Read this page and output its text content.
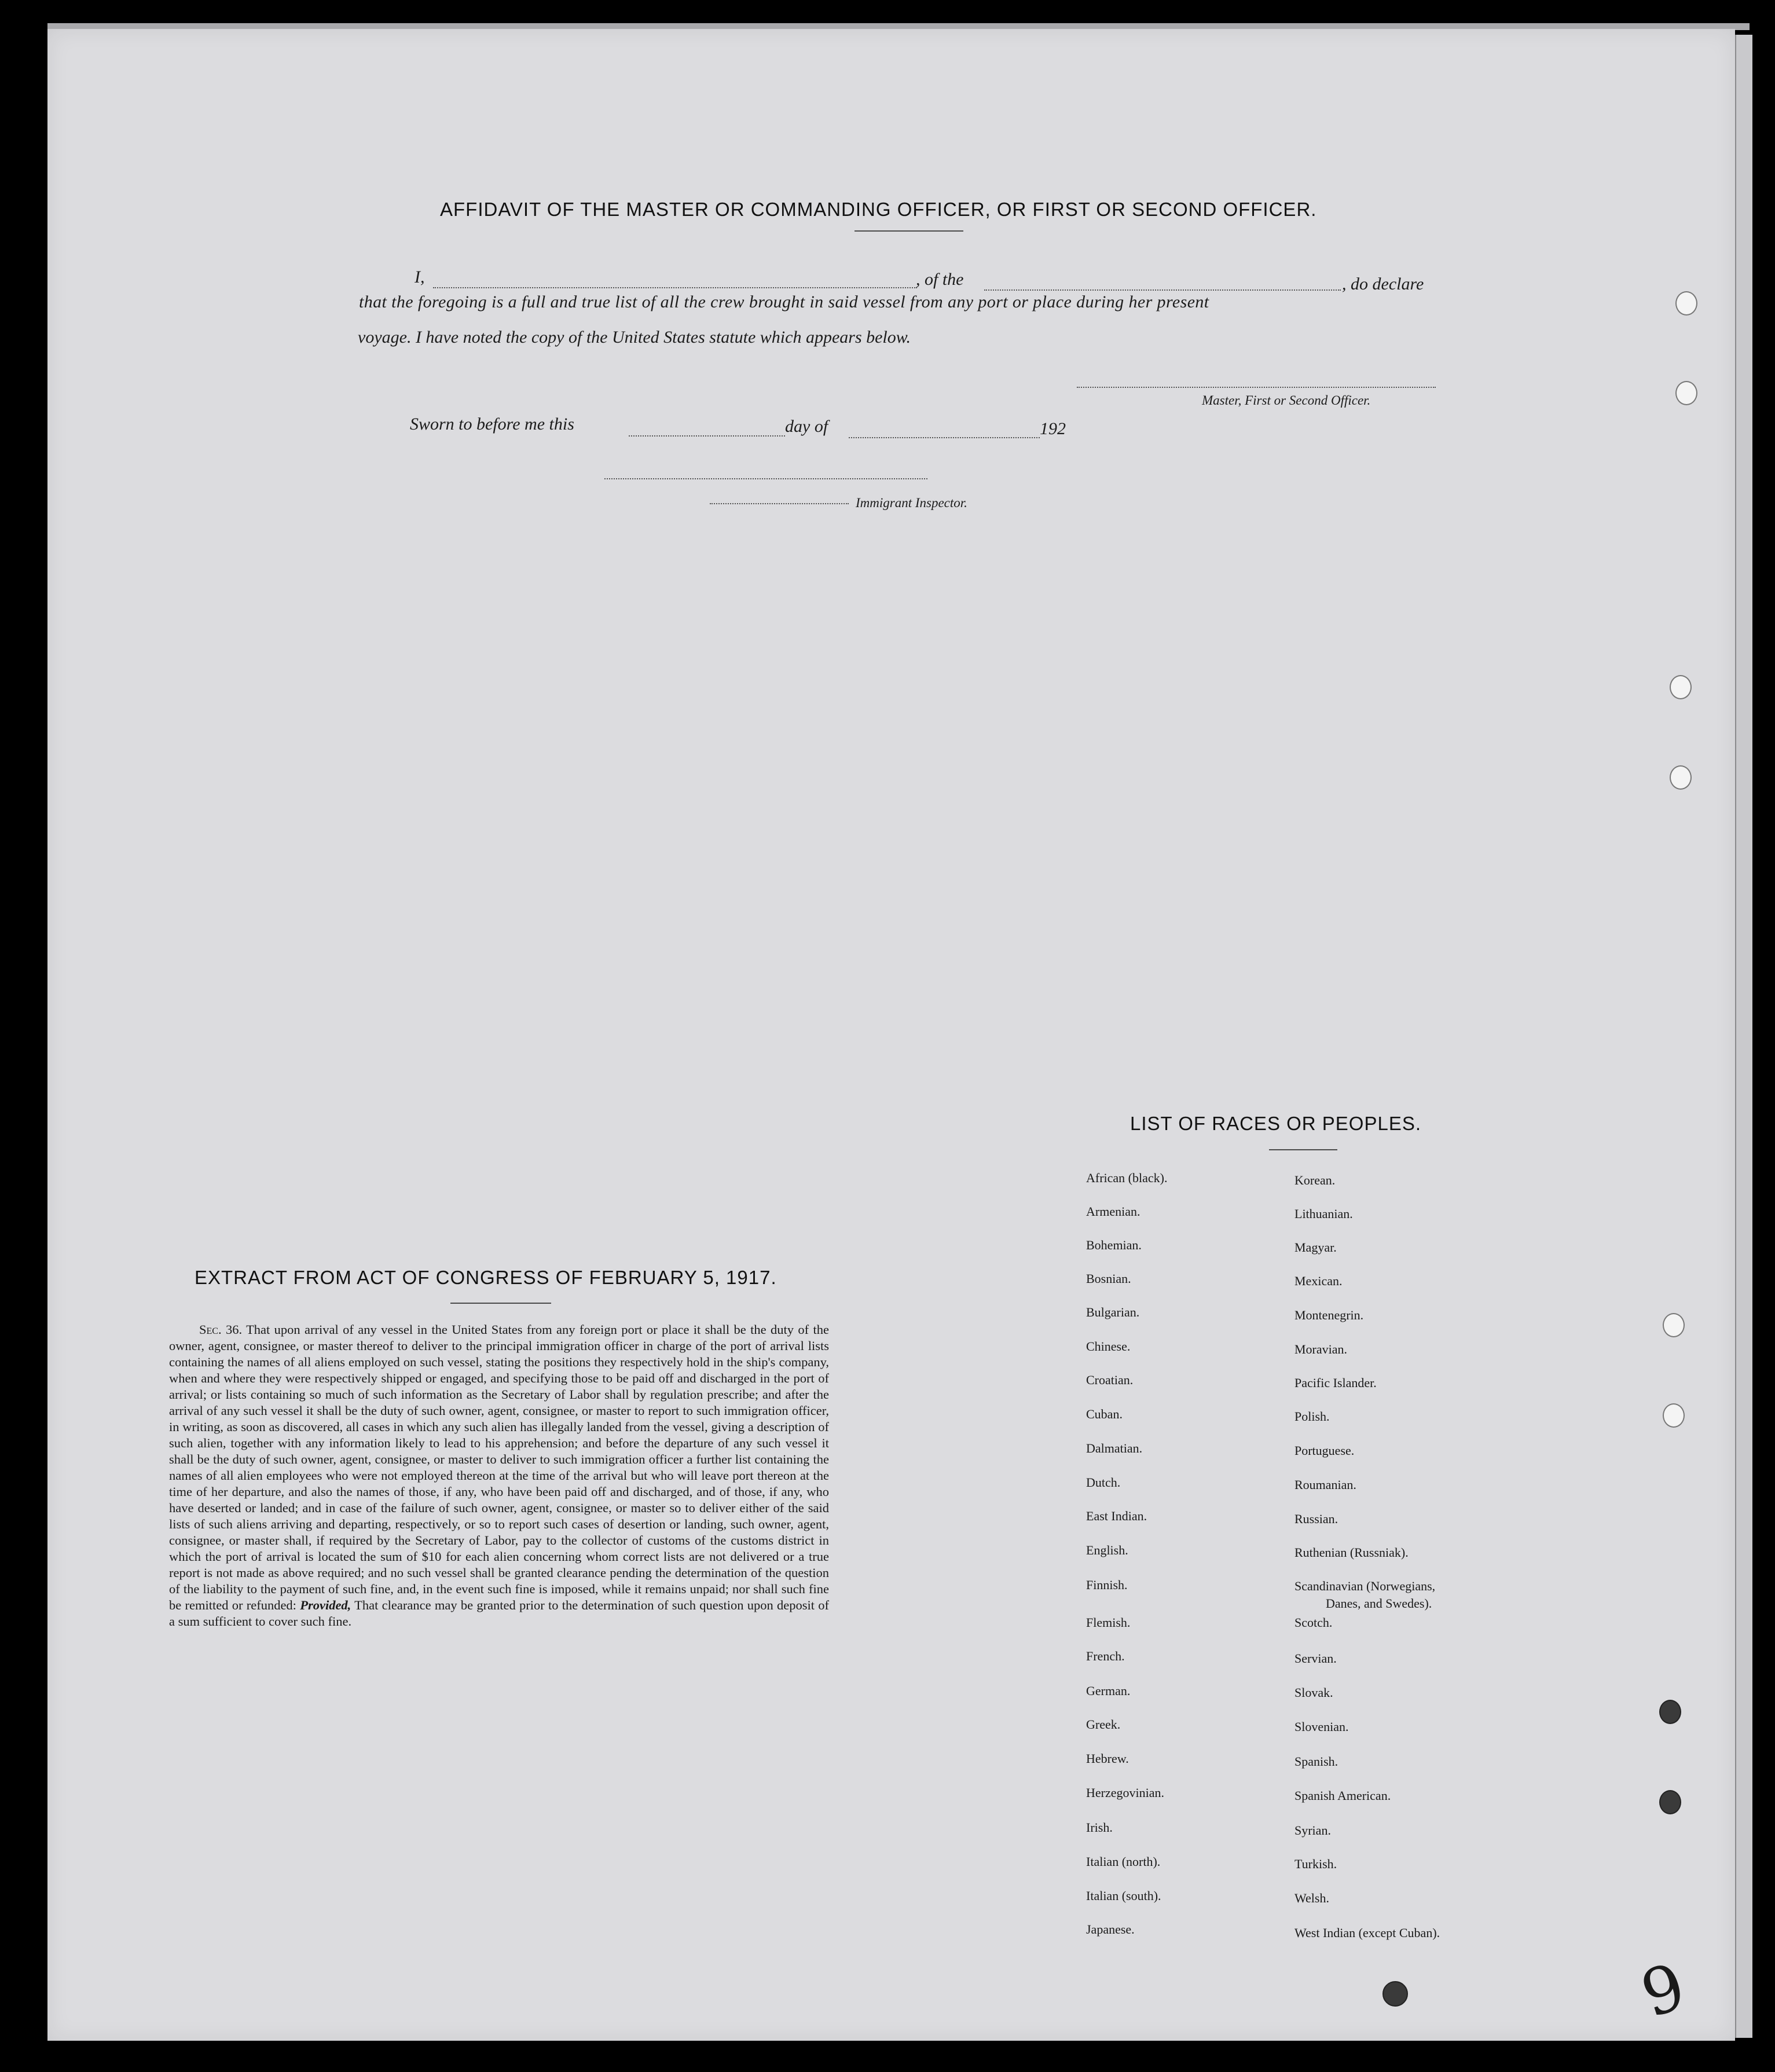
AFFIDAVIT OF THE MASTER OR COMMANDING OFFICER, OR FIRST OR SECOND OFFICER.
I,	, of the	, do declare
that the foregoing is a full and true list of all the crew brought in said vessel from any port or place during her present
voyage. I have noted the copy of the United States statute which appears below.
Master, First or Second Officer.
Sworn to before me this	day of	192
Immigrant Inspector.
EXTRACT FROM ACT OF CONGRESS OF FEBRUARY 5, 1917.
Sec. 36. That upon arrival of any vessel in the United States from any foreign port or place it shall be the duty of the owner, agent, consignee, or master thereof to deliver to the principal immigration officer in charge of the port of arrival lists containing the names of all aliens employed on such vessel, stating the positions they respectively hold in the ship's company, when and where they were respectively shipped or engaged, and specifying those to be paid off and discharged in the port of arrival; or lists containing so much of such information as the Secretary of Labor shall by regulation prescribe; and after the arrival of any such vessel it shall be the duty of such owner, agent, consignee, or master to report to such immigration officer, in writing, as soon as discovered, all cases in which any such alien has illegally landed from the vessel, giving a description of such alien, together with any information likely to lead to his apprehension; and before the departure of any such vessel it shall be the duty of such owner, agent, consignee, or master to deliver to such immigration officer a further list containing the names of all alien employees who were not employed thereon at the time of the arrival but who will leave port thereon at the time of her departure, and also the names of those, if any, who have been paid off and discharged, and of those, if any, who have deserted or landed; and in case of the failure of such owner, agent, consignee, or master so to deliver either of the said lists of such aliens arriving and departing, respectively, or so to report such cases of desertion or landing, such owner, agent, consignee, or master shall, if required by the Secretary of Labor, pay to the collector of customs of the customs district in which the port of arrival is located the sum of $10 for each alien concerning whom correct lists are not delivered or a true report is not made as above required; and no such vessel shall be granted clearance pending the determination of the question of the liability to the payment of such fine, and, in the event such fine is imposed, while it remains unpaid; nor shall such fine be remitted or refunded: Provided, That clearance may be granted prior to the determination of such question upon deposit of a sum sufficient to cover such fine.
LIST OF RACES OR PEOPLES.
African (black).
Armenian.
Bohemian.
Bosnian.
Bulgarian.
Chinese.
Croatian.
Cuban.
Dalmatian.
Dutch.
East Indian.
English.
Finnish.
Flemish.
French.
German.
Greek.
Hebrew.
Herzegovinian.
Irish.
Italian (north).
Italian (south).
Japanese.
Korean.
Lithuanian.
Magyar.
Mexican.
Montenegrin.
Moravian.
Pacific Islander.
Polish.
Portuguese.
Roumanian.
Russian.
Ruthenian (Russniak).
Scandinavian (Norwegians,
Danes, and Swedes).
Scotch.
Servian.
Slovak.
Slovenian.
Spanish.
Spanish American.
Syrian.
Turkish.
Welsh.
West Indian (except Cuban).
9
